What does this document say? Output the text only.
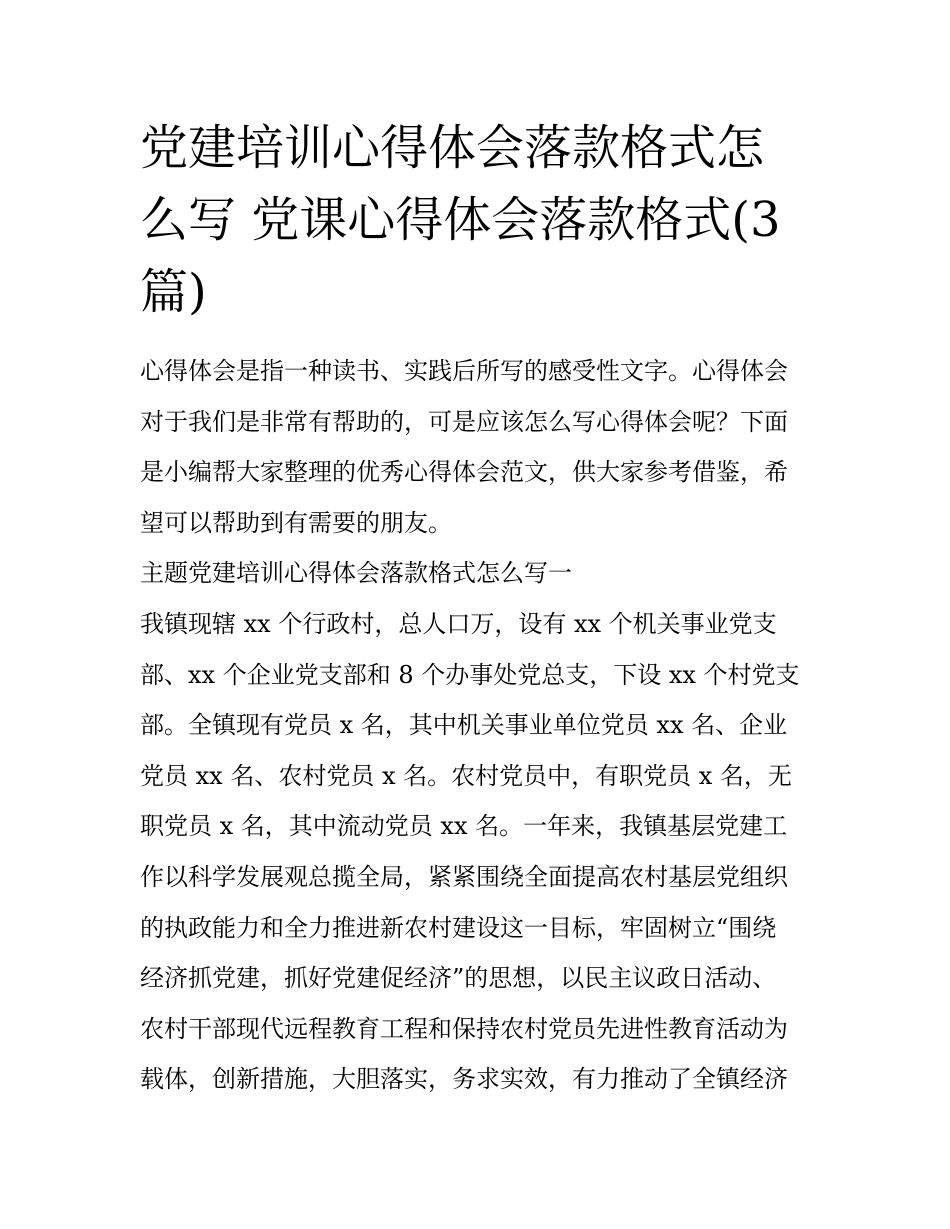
党建培训心得体会落款格式怎
么写 党课心得体会落款格式(3
篇)
心得体会是指一种读书、实践后所写的感受性文字。心得体会
对于我们是非常有帮助的，可是应该怎么写心得体会呢？下面
是小编帮大家整理的优秀心得体会范文，供大家参考借鉴，希
望可以帮助到有需要的朋友。
主题党建培训心得体会落款格式怎么写一
我镇现辖 xx 个行政村，总人口万，设有 xx 个机关事业党支
部、xx 个企业党支部和 8 个办事处党总支，下设 xx 个村党支
部。全镇现有党员 x 名，其中机关事业单位党员 xx 名、企业
党员 xx 名、农村党员 x 名。农村党员中，有职党员 x 名，无
职党员 x 名，其中流动党员 xx 名。一年来，我镇基层党建工
作以科学发展观总揽全局，紧紧围绕全面提高农村基层党组织
的执政能力和全力推进新农村建设这一目标，牢固树立“围绕
经济抓党建，抓好党建促经济”的思想，以民主议政日活动、
农村干部现代远程教育工程和保持农村党员先进性教育活动为
载体，创新措施，大胆落实，务求实效，有力推动了全镇经济
